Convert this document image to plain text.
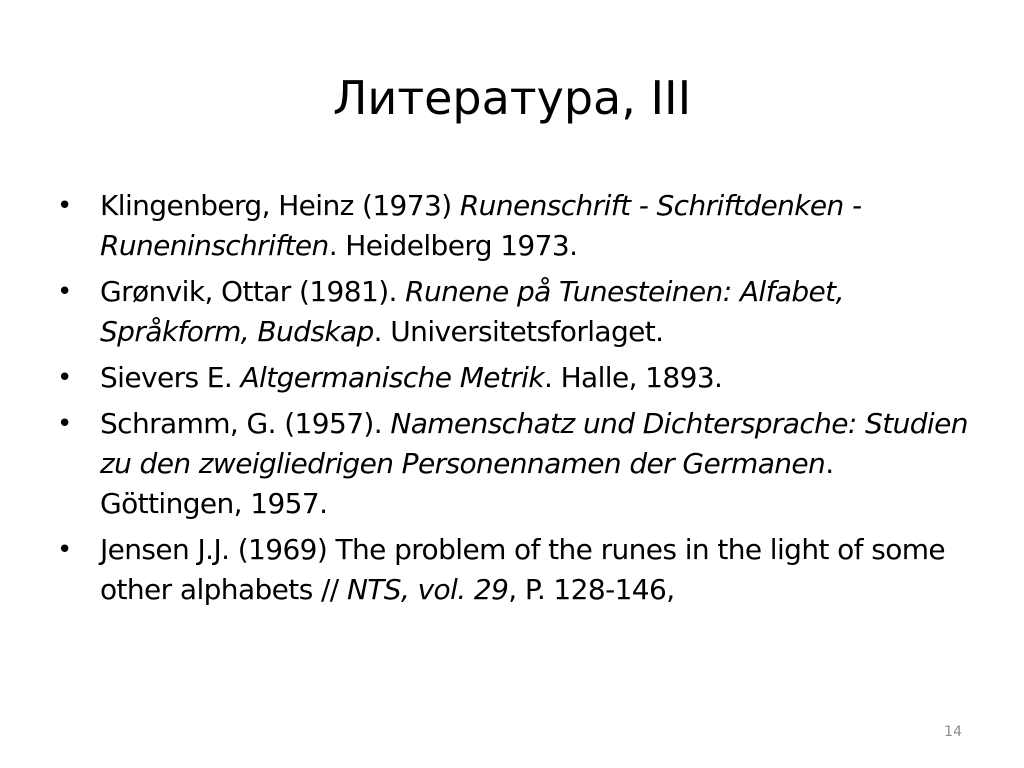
Литература, III
• Klingenberg, Heinz (1973) Runenschrift - Schriftdenken - Runeninschriften. Heidelberg 1973.
• Grønvik, Ottar (1981). Runene på Tunesteinen: Alfabet, Språkform, Budskap. Universitetsforlaget.
• Sievers E. Altgermanische Metrik. Halle, 1893.
• Schramm, G. (1957). Namenschatz und Dichtersprache: Studien zu den zweigliedrigen Personennamen der Germanen. Göttingen, 1957.
• Jensen J.J. (1969) The problem of the runes in the light of some other alphabets // NTS, vol. 29, P. 128-146,
14
